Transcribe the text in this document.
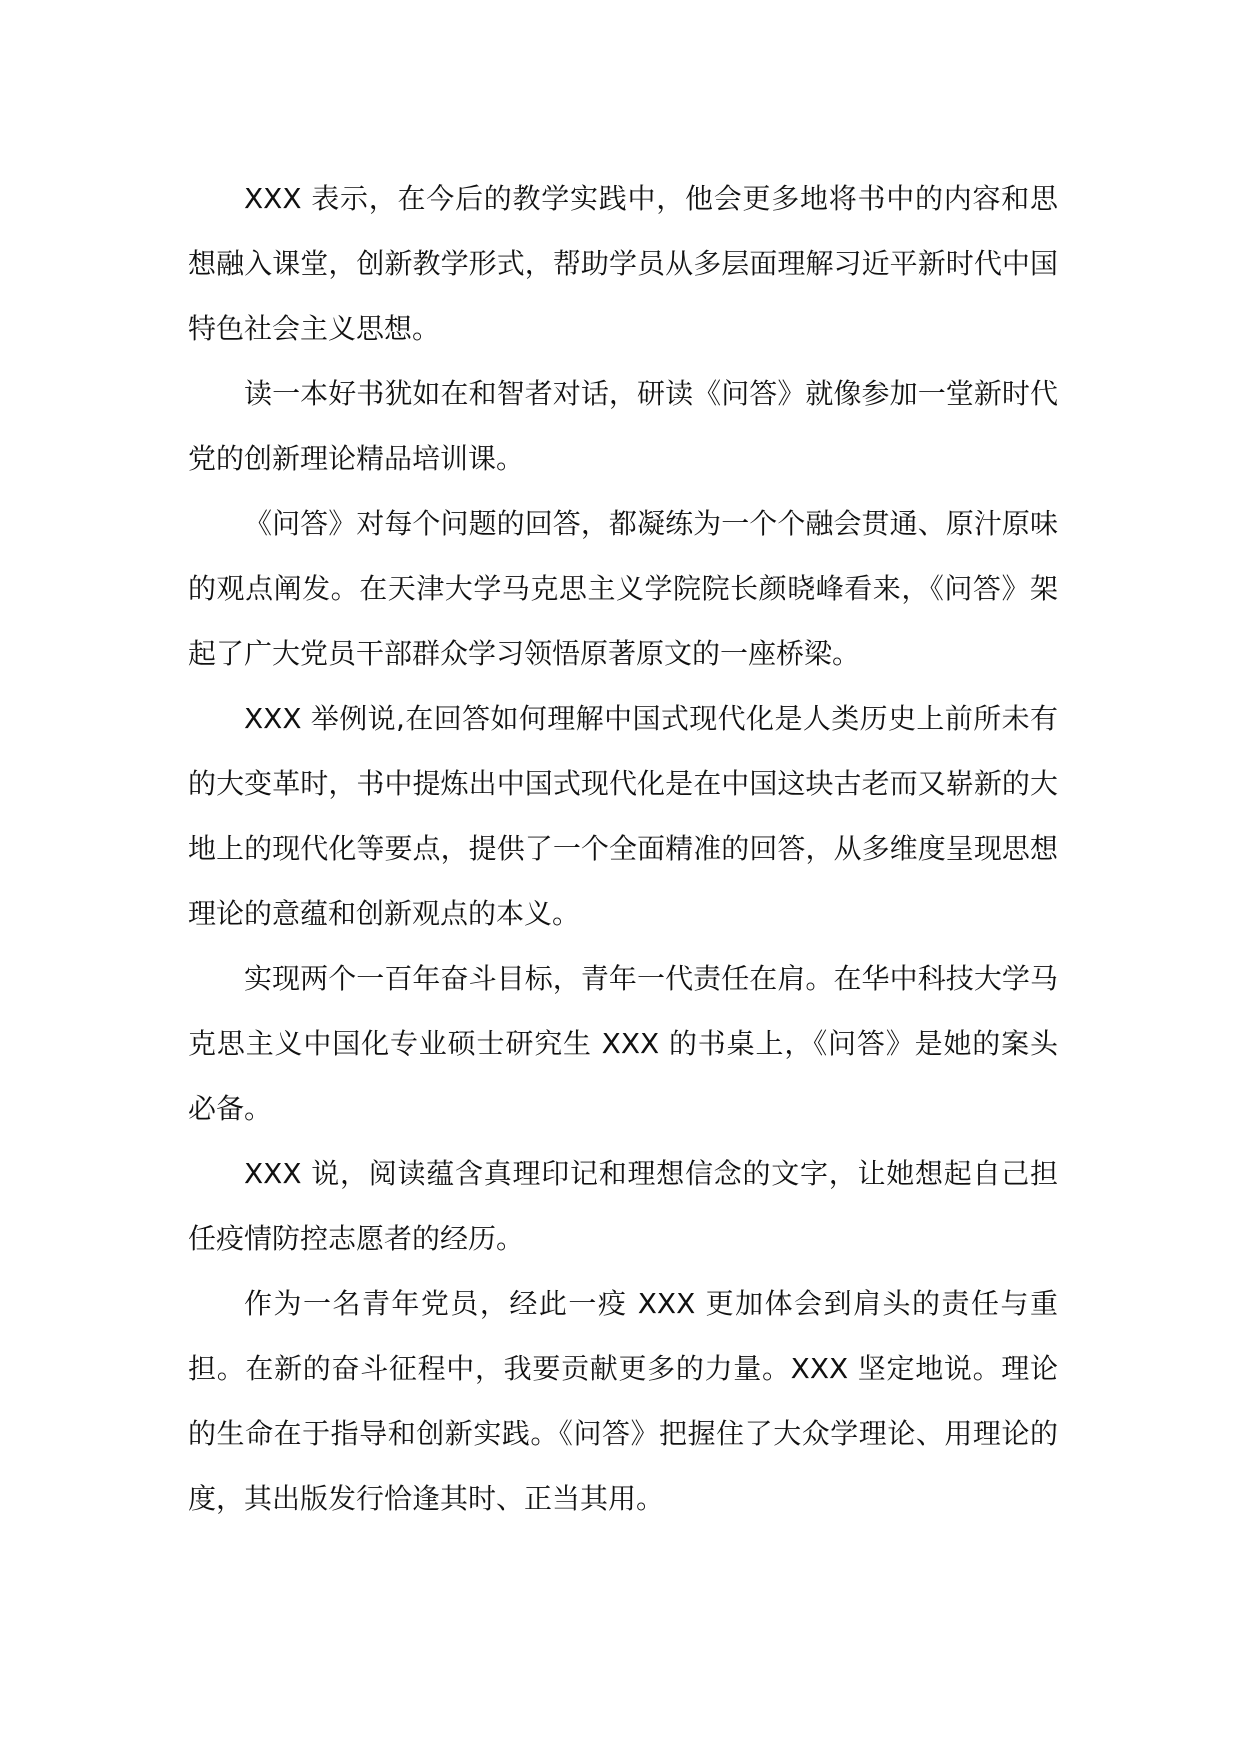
XXX 表示，在今后的教学实践中，他会更多地将书中的内容和思想融入课堂，创新教学形式，帮助学员从多层面理解习近平新时代中国特色社会主义思想。

读一本好书犹如在和智者对话，研读《问答》就像参加一堂新时代党的创新理论精品培训课。

《问答》对每个问题的回答，都凝练为一个个融会贯通、原汁原味的观点阐发。在天津大学马克思主义学院院长颜晓峰看来，《问答》架起了广大党员干部群众学习领悟原著原文的一座桥梁。

XXX 举例说,在回答如何理解中国式现代化是人类历史上前所未有的大变革时，书中提炼出中国式现代化是在中国这块古老而又崭新的大地上的现代化等要点，提供了一个全面精准的回答，从多维度呈现思想理论的意蕴和创新观点的本义。

实现两个一百年奋斗目标，青年一代责任在肩。在华中科技大学马克思主义中国化专业硕士研究生 XXX 的书桌上，《问答》是她的案头必备。

XXX 说，阅读蕴含真理印记和理想信念的文字，让她想起自己担任疫情防控志愿者的经历。

作为一名青年党员，经此一疫 XXX 更加体会到肩头的责任与重担。在新的奋斗征程中，我要贡献更多的力量。XXX 坚定地说。理论的生命在于指导和创新实践。《问答》把握住了大众学理论、用理论的度，其出版发行恰逢其时、正当其用。
